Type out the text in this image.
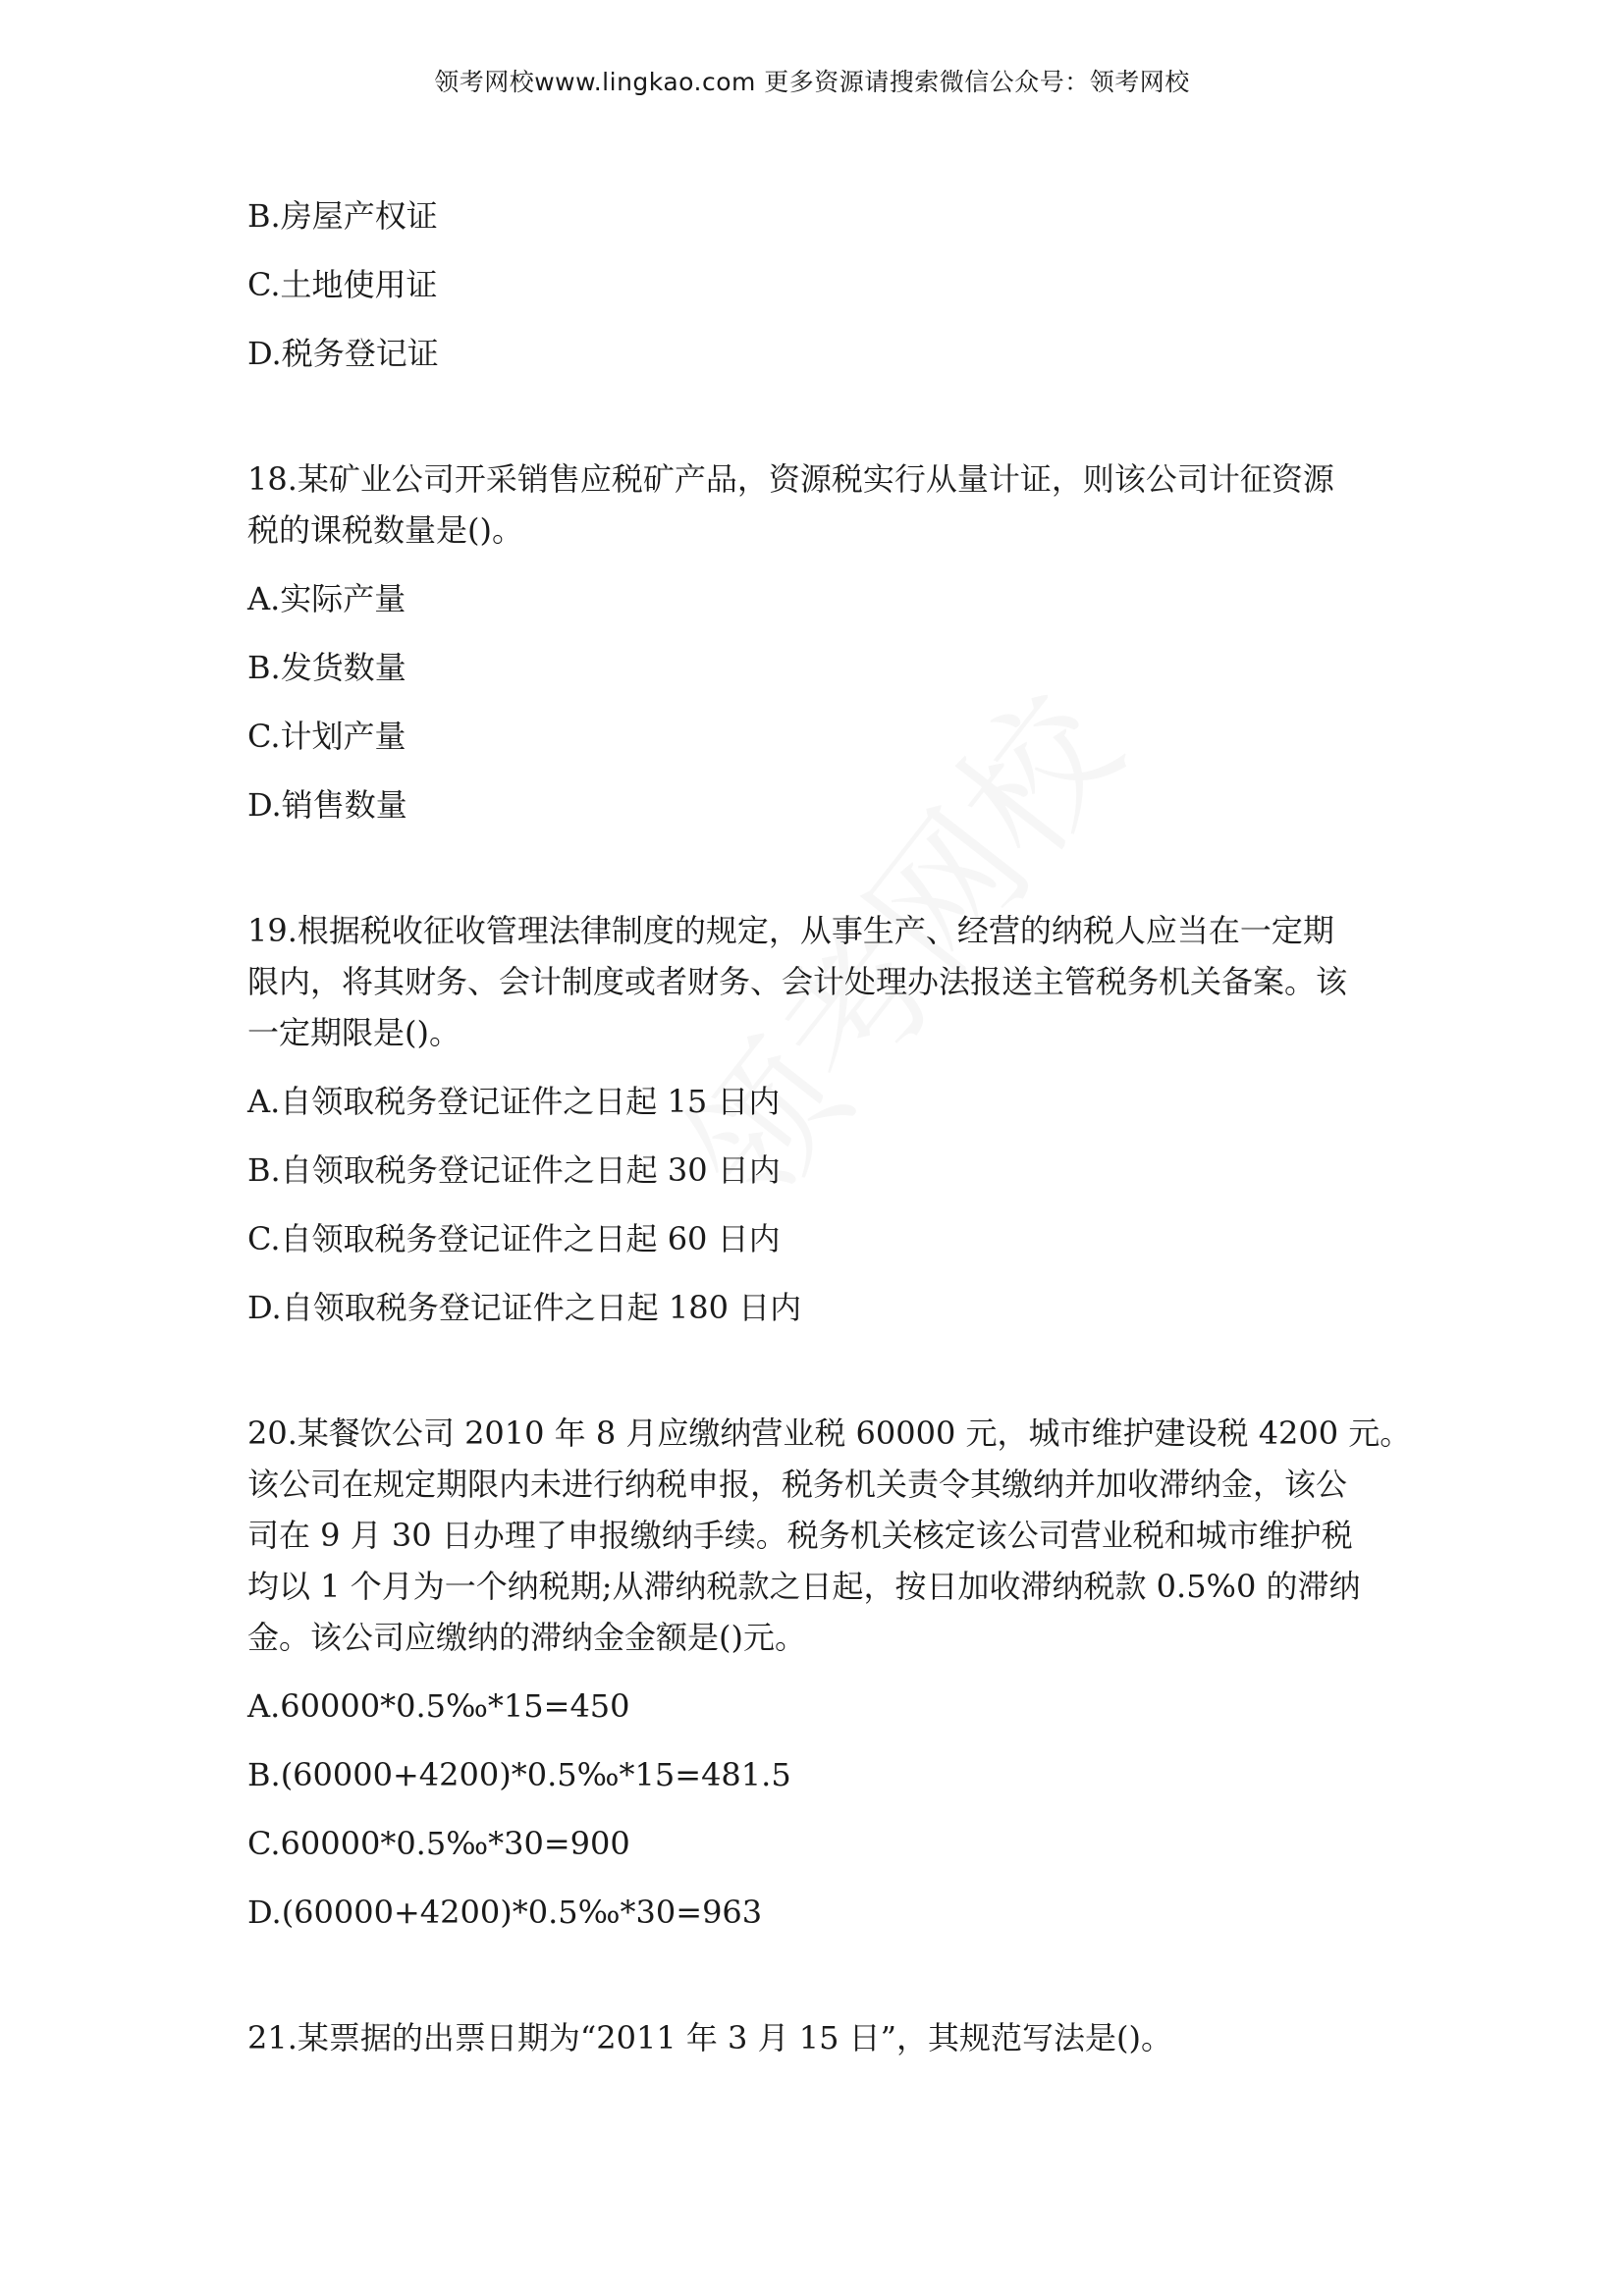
领考网校www.lingkao.com 更多资源请搜索微信公众号：领考网校

B.房屋产权证

C.土地使用证

D.税务登记证

18.某矿业公司开采销售应税矿产品，资源税实行从量计证，则该公司计征资源

税的课税数量是()。

A.实际产量

B.发货数量

C.计划产量

D.销售数量

19.根据税收征收管理法律制度的规定，从事生产、经营的纳税人应当在一定期

限内，将其财务、会计制度或者财务、会计处理办法报送主管税务机关备案。该

一定期限是()。

A.自领取税务登记证件之日起 15 日内

B.自领取税务登记证件之日起 30 日内

C.自领取税务登记证件之日起 60 日内

D.自领取税务登记证件之日起 180 日内

20.某餐饮公司 2010 年 8 月应缴纳营业税 60000 元，城市维护建设税 4200 元。

该公司在规定期限内未进行纳税申报，税务机关责令其缴纳并加收滞纳金，该公

司在 9 月 30 日办理了申报缴纳手续。税务机关核定该公司营业税和城市维护税

均以 1 个月为一个纳税期;从滞纳税款之日起，按日加收滞纳税款 0.5%0 的滞纳

金。该公司应缴纳的滞纳金金额是()元。

A.60000*0.5‰*15=450

B.(60000+4200)*0.5‰*15=481.5

C.60000*0.5‰*30=900

D.(60000+4200)*0.5‰*30=963

21.某票据的出票日期为“2011 年 3 月 15 日”，其规范写法是()。
